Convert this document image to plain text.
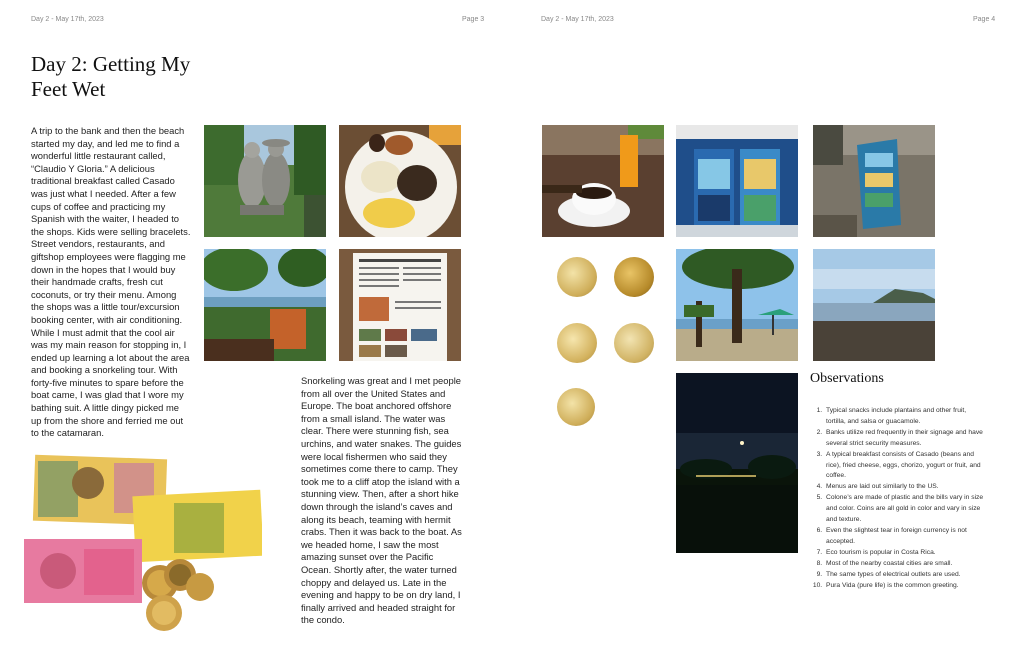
Day 2 - May 17th, 2023	Page 3
Day 2: Getting My Feet Wet

A trip to the bank and then the beach started my day, and led me to find a wonderful little restaurant called, “Claudio Y Gloria.” A delicious traditional breakfast called Casado was just what I needed. After a few cups of coffee and practicing my Spanish with the waiter, I headed to the shops. Kids were selling bracelets. Street vendors, restaurants, and giftshop employees were flagging me down in the hopes that I would buy their handmade crafts, fresh cut coconuts, or try their menu. Among the shops was a little tour/excursion booking center, with air conditioning. While I must admit that the cool air was my main reason for stopping in, I ended up learning a lot about the area and booking a snorkeling tour. With forty-five minutes to spare before the boat came, I was glad that I wore my bathing suit. A little dingy picked me up from the shore and ferried me out to the catamaran.

Snorkeling was great and I met people from all over the United States and Europe. The boat anchored offshore from a small island. The water was clear. There were stunning fish, sea urchins, and water snakes. The guides were local fishermen who said they sometimes come there to camp. They took me to a cliff atop the island with a stunning view. Then, after a short hike down through the island’s caves and along its beach, teaming with hermit crabs. Then it was back to the boat. As we headed home, I saw the most amazing sunset over the Pacific Ocean. Shortly after, the water turned choppy and delayed us. Late in the evening and happy to be on dry land, I finally arrived and headed straight for the condo.

Day 2 - May 17th, 2023	Page 4
Observations
1. Typical snacks include plantains and other fruit, tortilla, and salsa or guacamole.
2. Banks utilize red frequently in their signage and have several strict security measures.
3. A typical breakfast consists of Casado (beans and rice), fried cheese, eggs, chorizo, yogurt or fruit, and coffee.
4. Menus are laid out similarly to the US.
5. Colone’s are made of plastic and the bills vary in size and color. Coins are all gold in color and vary in size and texture.
6. Even the slightest tear in foreign currency is not accepted.
7. Eco tourism is popular in Costa Rica.
8. Most of the nearby coastal cities are small.
9. The same types of electrical outlets are used.
10. Pura Vida (pure life) is the common greeting.
